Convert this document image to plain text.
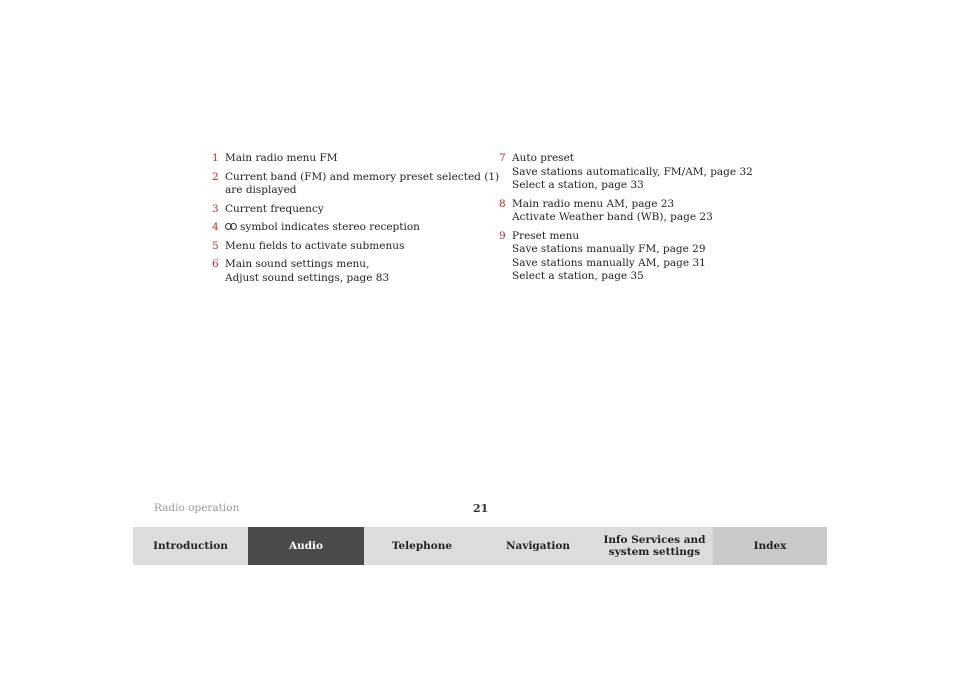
1 Main radio menu FM
2 Current band (FM) and memory preset selected (1)
are displayed
3 Current frequency
4	symbol indicates stereo reception
5 Menu fields to activate submenus
6 Main sound settings menu,
Adjust sound settings, page 83
7 Auto preset
Save stations automatically, FM/AM, page 32
Select a station, page 33
8 Main radio menu AM, page 23
Activate Weather band (WB), page 23
9 Preset menu
Save stations manually FM, page 29
Save stations manually AM, page 31
Select a station, page 35
Radio operation	21
Introduction	Audio	Telephone	Navigation	Info Services and
system settings	Index
